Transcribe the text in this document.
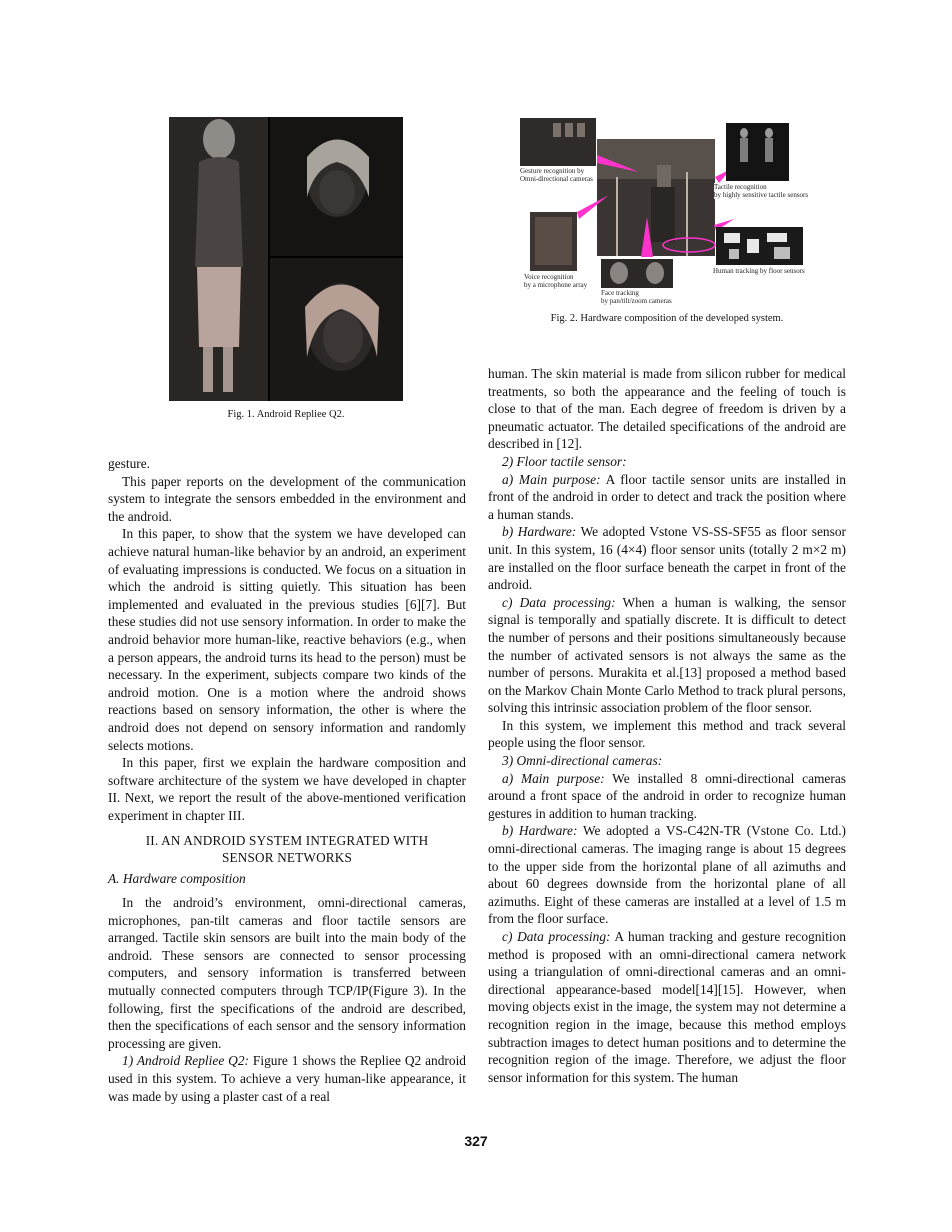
Fig. 1. Android Repliee Q2.
Gesture recognition by
Omni-directional cameras
Tactile recognition
by highly sensitive tactile sensors
Human tracking by floor sensors
Voice recognition
by a microphone array
Face tracking
by pan/tilt/zoom cameras
Fig. 2. Hardware composition of the developed system.

gesture.

This paper reports on the development of the communication system to integrate the sensors embedded in the environment and the android.

In this paper, to show that the system we have developed can achieve natural human-like behavior by an android, an experiment of evaluating impressions is conducted. We focus on a situation in which the android is sitting quietly. This situation has been implemented and evaluated in the previous studies [6][7]. But these studies did not use sensory information. In order to make the android behavior more human-like, reactive behaviors (e.g., when a person appears, the android turns its head to the person) must be necessary. In the experiment, subjects compare two kinds of the android motion. One is a motion where the android shows reactions based on sensory information, the other is where the android does not depend on sensory information and randomly selects motions.

In this paper, first we explain the hardware composition and software architecture of the system we have developed in chapter II. Next, we report the result of the above-mentioned verification experiment in chapter III.

II. AN ANDROID SYSTEM INTEGRATED WITH
SENSOR NETWORKS

A. Hardware composition

In the android’s environment, omni-directional cameras, microphones, pan-tilt cameras and floor tactile sensors are arranged. Tactile skin sensors are built into the main body of the android. These sensors are connected to sensor processing computers, and sensory information is transferred between mutually connected computers through TCP/IP(Figure 3). In the following, first the specifications of the android are described, then the specifications of each sensor and the sensory information processing are given.

1) Android Repliee Q2: Figure 1 shows the Repliee Q2 android used in this system. To achieve a very human-like appearance, it was made by using a plaster cast of a real

human. The skin material is made from silicon rubber for medical treatments, so both the appearance and the feeling of touch is close to that of the man. Each degree of freedom is driven by a pneumatic actuator. The detailed specifications of the android are described in [12].

2) Floor tactile sensor:

a) Main purpose: A floor tactile sensor units are installed in front of the android in order to detect and track the position where a human stands.

b) Hardware: We adopted Vstone VS-SS-SF55 as floor sensor unit. In this system, 16 (4×4) floor sensor units (totally 2 m×2 m) are installed on the floor surface beneath the carpet in front of the android.

c) Data processing: When a human is walking, the sensor signal is temporally and spatially discrete. It is difficult to detect the number of persons and their positions simultaneously because the number of activated sensors is not always the same as the number of persons. Murakita et al.[13] proposed a method based on the Markov Chain Monte Carlo Method to track plural persons, solving this intrinsic association problem of the floor sensor.

In this system, we implement this method and track several people using the floor sensor.

3) Omni-directional cameras:

a) Main purpose: We installed 8 omni-directional cameras around a front space of the android in order to recognize human gestures in addition to human tracking.

b) Hardware: We adopted a VS-C42N-TR (Vstone Co. Ltd.) omni-directional cameras. The imaging range is about 15 degrees to the upper side from the horizontal plane of all azimuths and about 60 degrees downside from the horizontal plane of all azimuths. Eight of these cameras are installed at a level of 1.5 m from the floor surface.

c) Data processing: A human tracking and gesture recognition method is proposed with an omni-directional camera network using a triangulation of omni-directional cameras and an omni-directional appearance-based model[14][15]. However, when moving objects exist in the image, the system may not determine a recognition region in the image, because this method employs subtraction images to detect human positions and to determine the recognition region of the image. Therefore, we adjust the floor sensor information for this system. The human

327
